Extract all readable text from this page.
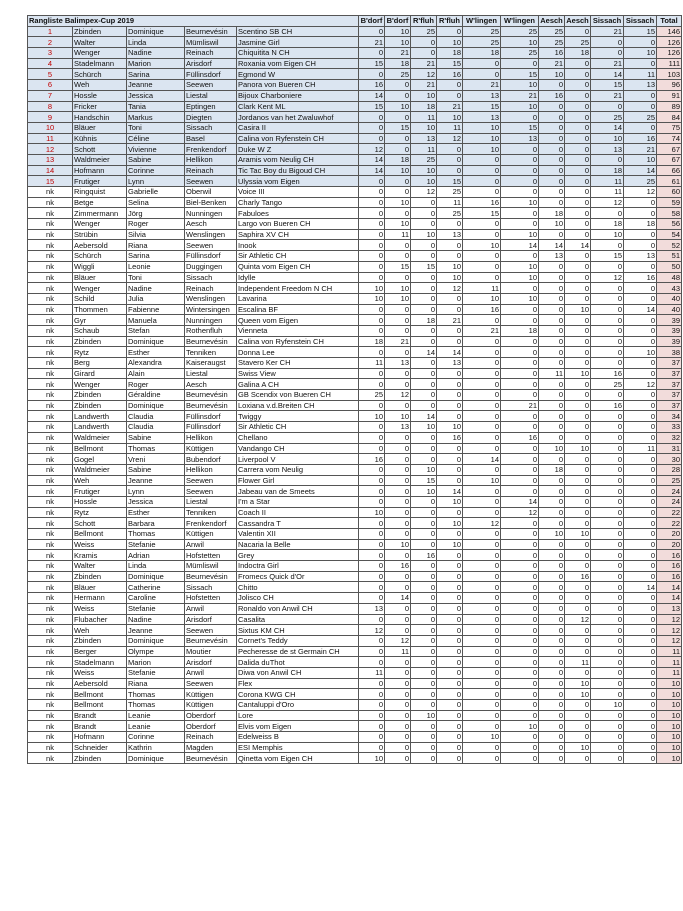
Rangliste Balimpex-Cup 2019					B'dorf	B'dorf	R'fluh	R'fluh	W'lingen	W'lingen	Aesch	Aesch	Sissach	Sissach	Total
1	Zbinden	Dominique	Beurnevésin	Scentino SB CH	0	10	25	0	25	25	25	0	21	15	146
2	Walter	Linda	Mümliswil	Jasmine Girl	21	10	0	10	25	10	25	25	0	0	126
3	Wenger	Nadine	Reinach	Chiquitita N CH	0	21	0	18	18	25	16	18	0	10	126
4	Stadelmann	Marion	Arisdorf	Roxania vom Eigen CH	15	18	21	15	0	0	21	0	21	0	111
5	Schürch	Sarina	Füllinsdorf	Egmond W	0	25	12	16	0	15	10	0	14	11	103
6	Weh	Jeanne	Seewen	Panora von Bueren CH	16	0	21	0	21	10	0	0	15	13	96
7	Hossle	Jessica	Liestal	Bijoux Charboniere	14	0	10	0	13	21	16	0	21	0	91
8	Fricker	Tania	Eptingen	Clark Kent ML	15	10	18	21	15	10	0	0	0	0	89
9	Handschin	Markus	Diegten	Jordanos van het Zwaluwhof	0	0	11	10	13	0	0	0	25	25	84
10	Bläuer	Toni	Sissach	Casira II	0	15	10	11	10	15	0	0	14	0	75
11	Kühnis	Céline	Basel	Calina von Ryfenstein CH	0	0	13	12	10	13	0	0	10	16	74
12	Schott	Vivienne	Frenkendorf	Duke W Z	12	0	11	0	10	0	0	0	13	21	67
13	Waldmeier	Sabine	Hellikon	Aramis vom Neulig CH	14	18	25	0	0	0	0	0	0	10	67
14	Hofmann	Corinne	Reinach	Tic Tac Boy du Bigoud CH	14	10	10	0	0	0	0	0	18	14	66
15	Frutiger	Lynn	Seewen	Ulyssia vom Eigen	0	0	10	15	0	0	0	0	11	25	61
nk	Ringquist	Gabrielle	Oberwil	Voice III	0	0	12	25	0	0	0	0	11	12	60
nk	Betge	Selina	Biel-Benken	Charly Tango	0	10	0	11	16	10	0	0	12	0	59
nk	Zimmermann	Jörg	Nunningen	Fabuloes	0	0	0	25	15	0	18	0	0	0	58
nk	Wenger	Roger	Aesch	Largo von Bueren CH	0	10	0	0	0	0	10	0	18	18	56
nk	Strübin	Silvia	Wenslingen	Saphira XV CH	0	11	10	13	0	10	0	0	10	0	54
nk	Aebersold	Riana	Seewen	Inook	0	0	0	0	10	14	14	14	0	0	52
nk	Schürch	Sarina	Füllinsdorf	Sir Athletic CH	0	0	0	0	0	0	13	0	15	13	51
nk	Wiggli	Leonie	Duggingen	Quinta vom Eigen CH	0	15	15	10	0	10	0	0	0	0	50
nk	Bläuer	Toni	Sissach	Idylle	0	0	0	10	0	10	0	0	12	16	48
nk	Wenger	Nadine	Reinach	Independent Freedom N CH	10	10	0	12	11	0	0	0	0	0	43
nk	Schild	Julia	Wenslingen	Lavarina	10	10	0	0	10	10	0	0	0	0	40
nk	Thommen	Fabienne	Wintersingen	Escalina BF	0	0	0	0	16	0	0	10	0	14	40
nk	Gyr	Manuela	Nunningen	Queen vom Eigen	0	0	18	21	0	0	0	0	0	0	39
nk	Schaub	Stefan	Rothenfluh	Vienneta	0	0	0	0	21	18	0	0	0	0	39
nk	Zbinden	Dominique	Beurnevésin	Calina von Ryfenstein CH	18	21	0	0	0	0	0	0	0	0	39
nk	Rytz	Esther	Tenniken	Donna Lee	0	0	14	14	0	0	0	0	0	10	38
nk	Berg	Alexandra	Kaiseraugst	Stavero Ker CH	11	13	0	13	0	0	0	0	0	0	37
nk	Girard	Alain	Liestal	Swiss View	0	0	0	0	0	0	11	10	16	0	37
nk	Wenger	Roger	Aesch	Galina A CH	0	0	0	0	0	0	0	0	25	12	37
nk	Zbinden	Géraldine	Beurnevésin	GB Scendix von Bueren CH	25	12	0	0	0	0	0	0	0	0	37
nk	Zbinden	Dominique	Beurnevésin	Loxiana v.d.Breiten CH	0	0	0	0	0	21	0	0	16	0	37
nk	Landwerth	Claudia	Füllinsdorf	Twiggy	10	10	14	0	0	0	0	0	0	0	34
nk	Landwerth	Claudia	Füllinsdorf	Sir Athletic CH	0	13	10	10	0	0	0	0	0	0	33
nk	Waldmeier	Sabine	Hellikon	Chellano	0	0	0	16	0	16	0	0	0	0	32
nk	Bellmont	Thomas	Küttigen	Vandango CH	0	0	0	0	0	0	10	10	0	11	31
nk	Gogel	Vreni	Bubendorf	Liverpool V	16	0	0	0	14	0	0	0	0	0	30
nk	Waldmeier	Sabine	Hellikon	Carrera vom Neulig	0	0	10	0	0	0	18	0	0	0	28
nk	Weh	Jeanne	Seewen	Flower Girl	0	0	15	0	10	0	0	0	0	0	25
nk	Frutiger	Lynn	Seewen	Jabeau van de Smeets	0	0	10	14	0	0	0	0	0	0	24
nk	Hossle	Jessica	Liestal	I'm a Star	0	0	0	10	0	14	0	0	0	0	24
nk	Rytz	Esther	Tenniken	Coach II	10	0	0	0	0	12	0	0	0	0	22
nk	Schott	Barbara	Frenkendorf	Cassandra T	0	0	0	10	12	0	0	0	0	0	22
nk	Bellmont	Thomas	Küttigen	Valentin XII	0	0	0	0	0	0	10	10	0	0	20
nk	Weiss	Stefanie	Anwil	Nacaria la Belle	0	10	0	10	0	0	0	0	0	0	20
nk	Kramis	Adrian	Hofstetten	Grey	0	0	16	0	0	0	0	0	0	0	16
nk	Walter	Linda	Mümliswil	Indoctra Girl	0	16	0	0	0	0	0	0	0	0	16
nk	Zbinden	Dominique	Beurnevésin	Fromecs Quick d'Or	0	0	0	0	0	0	0	16	0	0	16
nk	Bläuer	Catherine	Sissach	Chitto	0	0	0	0	0	0	0	0	0	14	14
nk	Hermann	Caroline	Hofstetten	Jolisco CH	0	14	0	0	0	0	0	0	0	0	14
nk	Weiss	Stefanie	Anwil	Ronaldo von Anwil CH	13	0	0	0	0	0	0	0	0	0	13
nk	Flubacher	Nadine	Arisdorf	Casalita	0	0	0	0	0	0	0	12	0	0	12
nk	Weh	Jeanne	Seewen	Sixtus KM CH	12	0	0	0	0	0	0	0	0	0	12
nk	Zbinden	Dominique	Beurnevésin	Cornet's Teddy	0	12	0	0	0	0	0	0	0	0	12
nk	Berger	Olympe	Moutier	Pecheresse de st Germain CH	0	11	0	0	0	0	0	0	0	0	11
nk	Stadelmann	Marion	Arisdorf	Dalida duThot	0	0	0	0	0	0	0	11	0	0	11
nk	Weiss	Stefanie	Anwil	Diwa von Anwil CH	11	0	0	0	0	0	0	0	0	0	11
nk	Aebersold	Riana	Seewen	Flex	0	0	0	0	0	0	0	10	0	0	10
nk	Bellmont	Thomas	Küttigen	Corona KWG CH	0	0	0	0	0	0	0	10	0	0	10
nk	Bellmont	Thomas	Küttigen	Cantaluppi d'Oro	0	0	0	0	0	0	0	0	10	0	10
nk	Brandt	Leanie	Oberdorf	Lore	0	0	10	0	0	0	0	0	0	0	10
nk	Brandt	Leanie	Oberdorf	Elvis vom Eigen	0	0	0	0	0	10	0	0	0	0	10
nk	Hofmann	Corinne	Reinach	Edelweiss B	0	0	0	0	10	0	0	0	0	0	10
nk	Schneider	Kathrin	Magden	ESI Memphis	0	0	0	0	0	0	0	10	0	0	10
nk	Zbinden	Dominique	Beurnevésin	Qinetta vom Eigen CH	10	0	0	0	0	0	0	0	0	0	10
